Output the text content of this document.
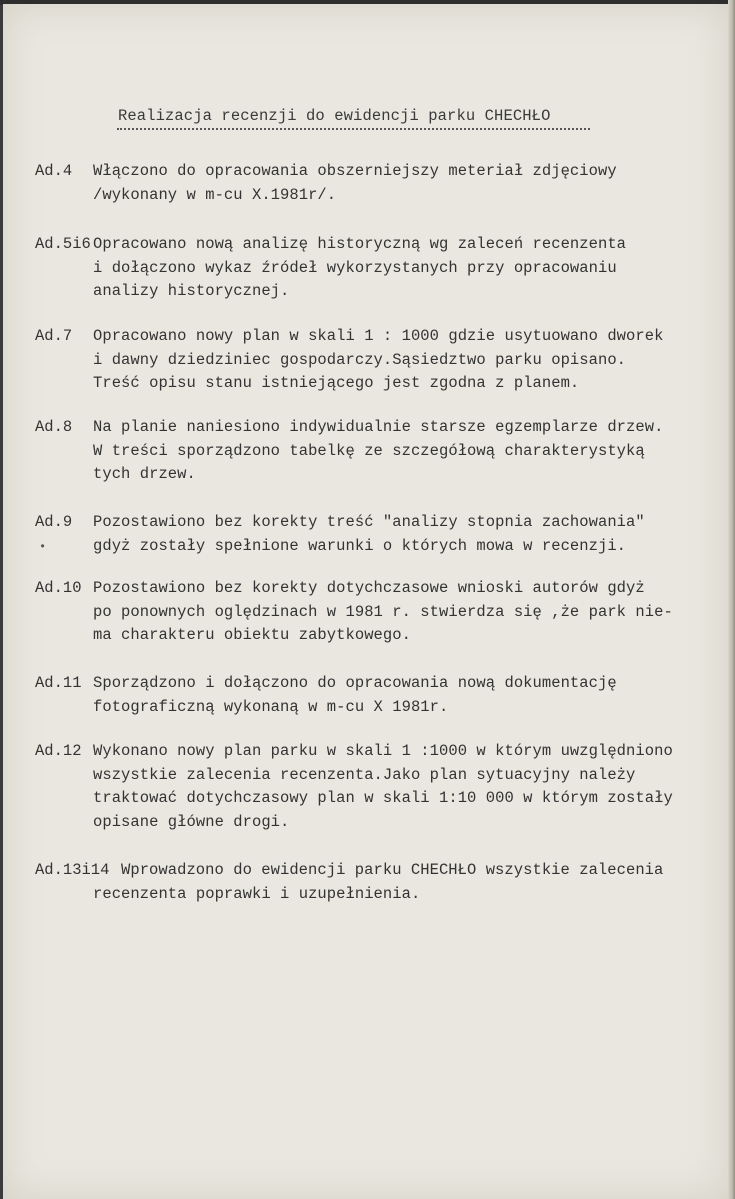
Realizacja recenzji do ewidencji parku CHECHŁO
Ad.4 Włączono do opracowania obszerniejszy meteriał zdjęciowy
/wykonany w m-cu X.1981r/.
Ad.5i6 Opracowano nową analizę historyczną wg zaleceń recenzenta
i dołączono wykaz źródeł wykorzystanych przy opracowaniu
analizy historycznej.
Ad.7 Opracowano nowy plan w skali 1 : 1000 gdzie usytuowano dworek
i dawny dziedziniec gospodarczy.Sąsiedztwo parku opisano.
Treść opisu stanu istniejącego jest zgodna z planem.
Ad.8 Na planie naniesiono indywidualnie starsze egzemplarze drzew.
W treści sporządzono tabelkę ze szczegółową charakterystyką
tych drzew.
Ad.9 Pozostawiono bez korekty treść "analizy stopnia zachowania"
gdyż zostały spełnione warunki o których mowa w recenzji.
Ad.10 Pozostawiono bez korekty dotychczasowe wnioski autorów gdyż
po ponownych oględzinach w 1981 r. stwierdza się ,że park nie-
ma charakteru obiektu zabytkowego.
Ad.11 Sporządzono i dołączono do opracowania nową dokumentację
fotograficzną wykonaną w m-cu X 1981r.
Ad.12 Wykonano nowy plan parku w skali 1 :1000 w którym uwzględniono
wszystkie zalecenia recenzenta.Jako plan sytuacyjny należy
traktować dotychczasowy plan w skali 1:10 000 w którym zostały
opisane główne drogi.
Ad.13i14 Wprowadzono do ewidencji parku CHECHŁO wszystkie zalecenia
recenzenta poprawki i uzupełnienia.
•
